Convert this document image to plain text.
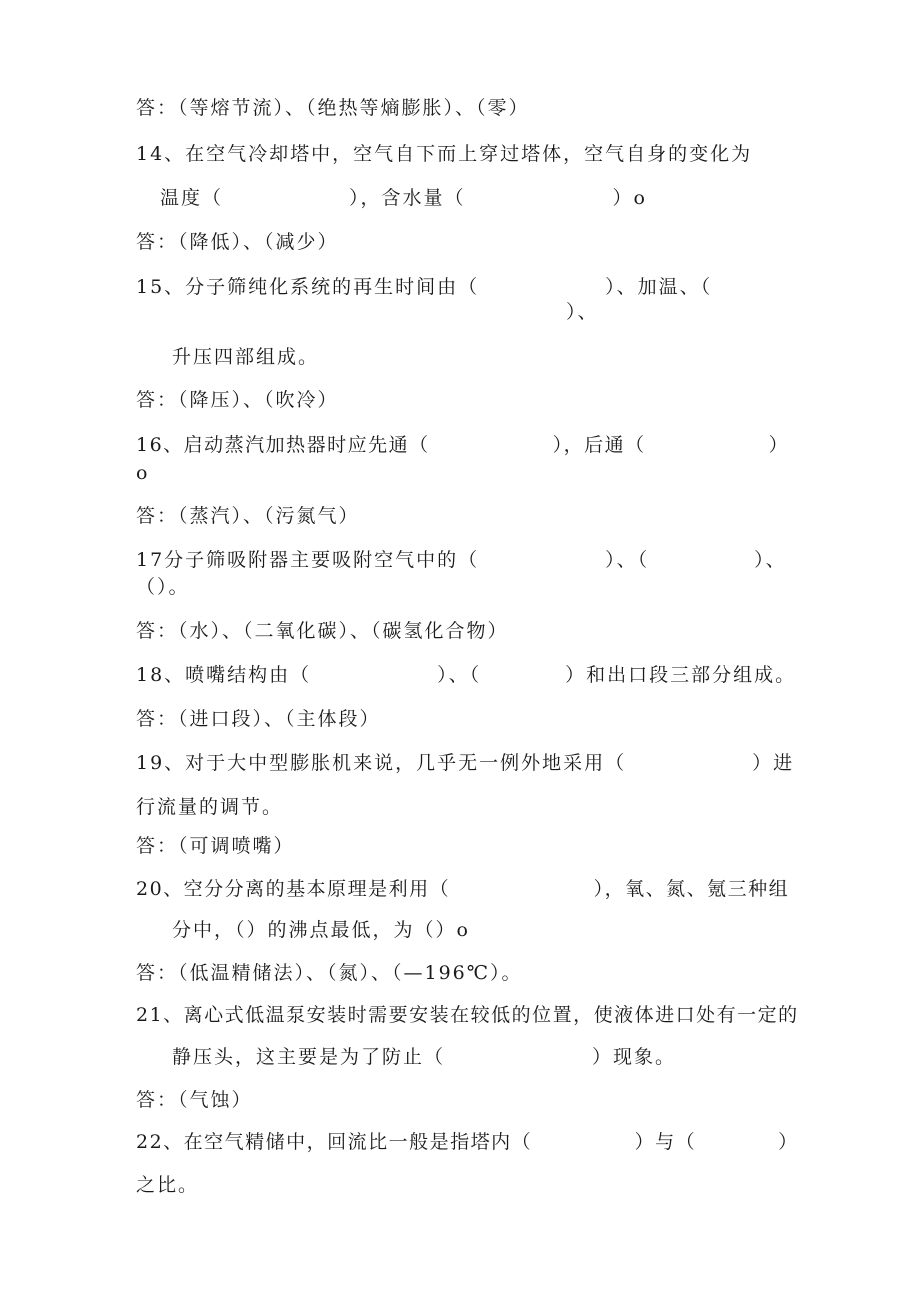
答：（等熔节流）、（绝热等熵膨胀）、（零）
14、在空气冷却塔中，空气自下而上穿过塔体，空气自身的变化为
温度（　　　　　　），含水量（　　　　　　　）o
答：（降低）、（减少）
15、分子筛纯化系统的再生时间由（　　　　　　）、加温、（
）、
升压四部组成。
答：（降压）、（吹冷）
16、启动蒸汽加热器时应先通（　　　　　　），后通（　　　　　　）
o
答：（蒸汽）、（污氮气）
17分子筛吸附器主要吸附空气中的（　　　　　　）、（　　　　　）、
（）。
答：（水）、（二氧化碳）、（碳氢化合物）
18、喷嘴结构由（　　　　　　）、（　　　　）和出口段三部分组成。
答：（进口段）、（主体段）
19、对于大中型膨胀机来说，几乎无一例外地采用（　　　　　　）进
行流量的调节。
答：（可调喷嘴）
20、空分分离的基本原理是利用（　　　　　　　），氧、氮、氪三种组
分中，（）的沸点最低，为（）o
答：（低温精储法）、（氮）、（—196℃）。
21、离心式低温泵安装时需要安装在较低的位置，使液体进口处有一定的
静压头，这主要是为了防止（　　　　　　　）现象。
答：（气蚀）
22、在空气精储中，回流比一般是指塔内（　　　　　）与（　　　　）
之比。
